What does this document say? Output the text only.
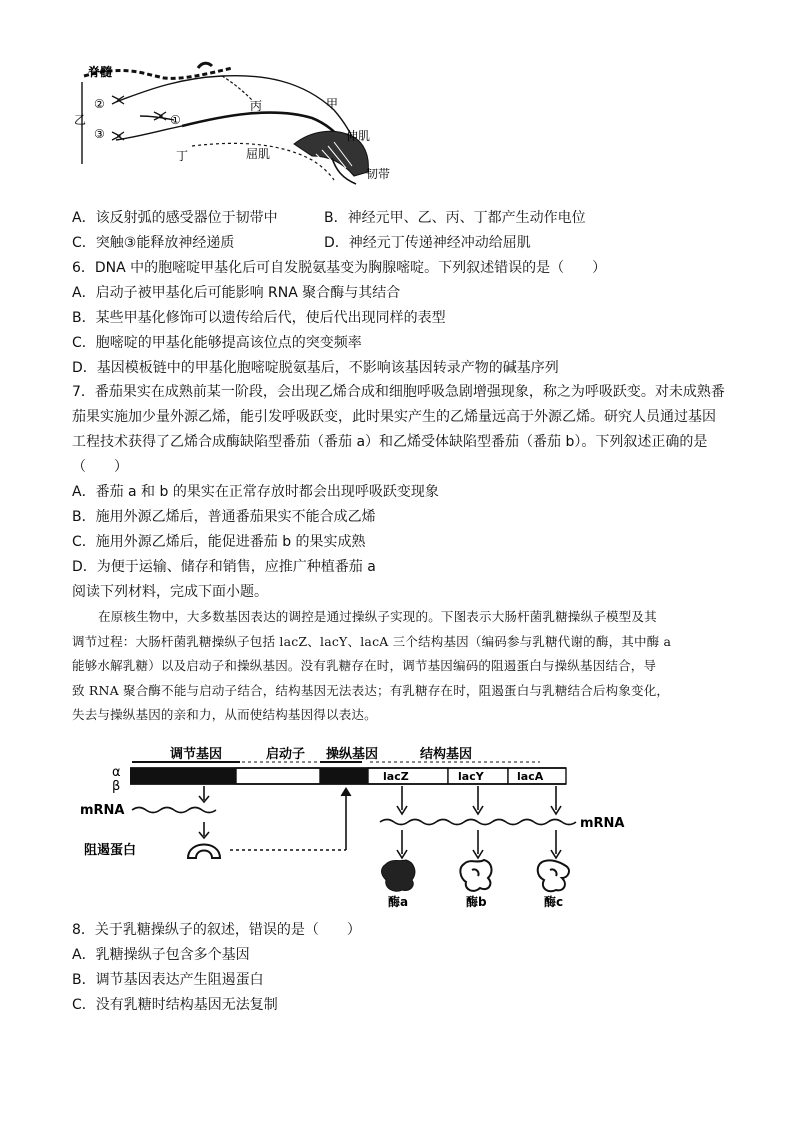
脊髓
②
乙
③
①
丁
丙	甲
伸肌
屈肌
韧带
A．该反射弧的感受器位于韧带中	B．神经元甲、乙、丙、丁都产生动作电位
C．突触③能释放神经递质	D．神经元丁传递神经冲动给屈肌
6．DNA 中的胞嘧啶甲基化后可自发脱氨基变为胸腺嘧啶。下列叙述错误的是（　　）
A．启动子被甲基化后可能影响 RNA 聚合酶与其结合
B．某些甲基化修饰可以遗传给后代，使后代出现同样的表型
C．胞嘧啶的甲基化能够提高该位点的突变频率
D．基因模板链中的甲基化胞嘧啶脱氨基后，不影响该基因转录产物的碱基序列
7．番茄果实在成熟前某一阶段，会出现乙烯合成和细胞呼吸急剧增强现象，称之为呼吸跃变。对未成熟番
茄果实施加少量外源乙烯，能引发呼吸跃变，此时果实产生的乙烯量远高于外源乙烯。研究人员通过基因
工程技术获得了乙烯合成酶缺陷型番茄（番茄 a）和乙烯受体缺陷型番茄（番茄 b）。下列叙述正确的是
（　　）
A．番茄 a 和 b 的果实在正常存放时都会出现呼吸跃变现象
B．施用外源乙烯后，普通番茄果实不能合成乙烯
C．施用外源乙烯后，能促进番茄 b 的果实成熟
D．为便于运输、储存和销售，应推广种植番茄 a
阅读下列材料，完成下面小题。
在原核生物中，大多数基因表达的调控是通过操纵子实现的。下图表示大肠杆菌乳糖操纵子模型及其
调节过程：大肠杆菌乳糖操纵子包括 lacZ、lacY、lacA 三个结构基因（编码参与乳糖代谢的酶，其中酶 a
能够水解乳糖）以及启动子和操纵基因。没有乳糖存在时，调节基因编码的阻遏蛋白与操纵基因结合，导
致 RNA 聚合酶不能与启动子结合，结构基因无法表达；有乳糖存在时，阻遏蛋白与乳糖结合后构象变化，
失去与操纵基因的亲和力，从而使结构基因得以表达。
调节基因	启动子 操纵基因	结构基因
α
β
lacZ	lacY	lacA
mRNA
阻遏蛋白
mRNA
酶a	酶b	酶c
8．关于乳糖操纵子的叙述，错误的是（　　）
A．乳糖操纵子包含多个基因
B．调节基因表达产生阻遏蛋白
C．没有乳糖时结构基因无法复制
